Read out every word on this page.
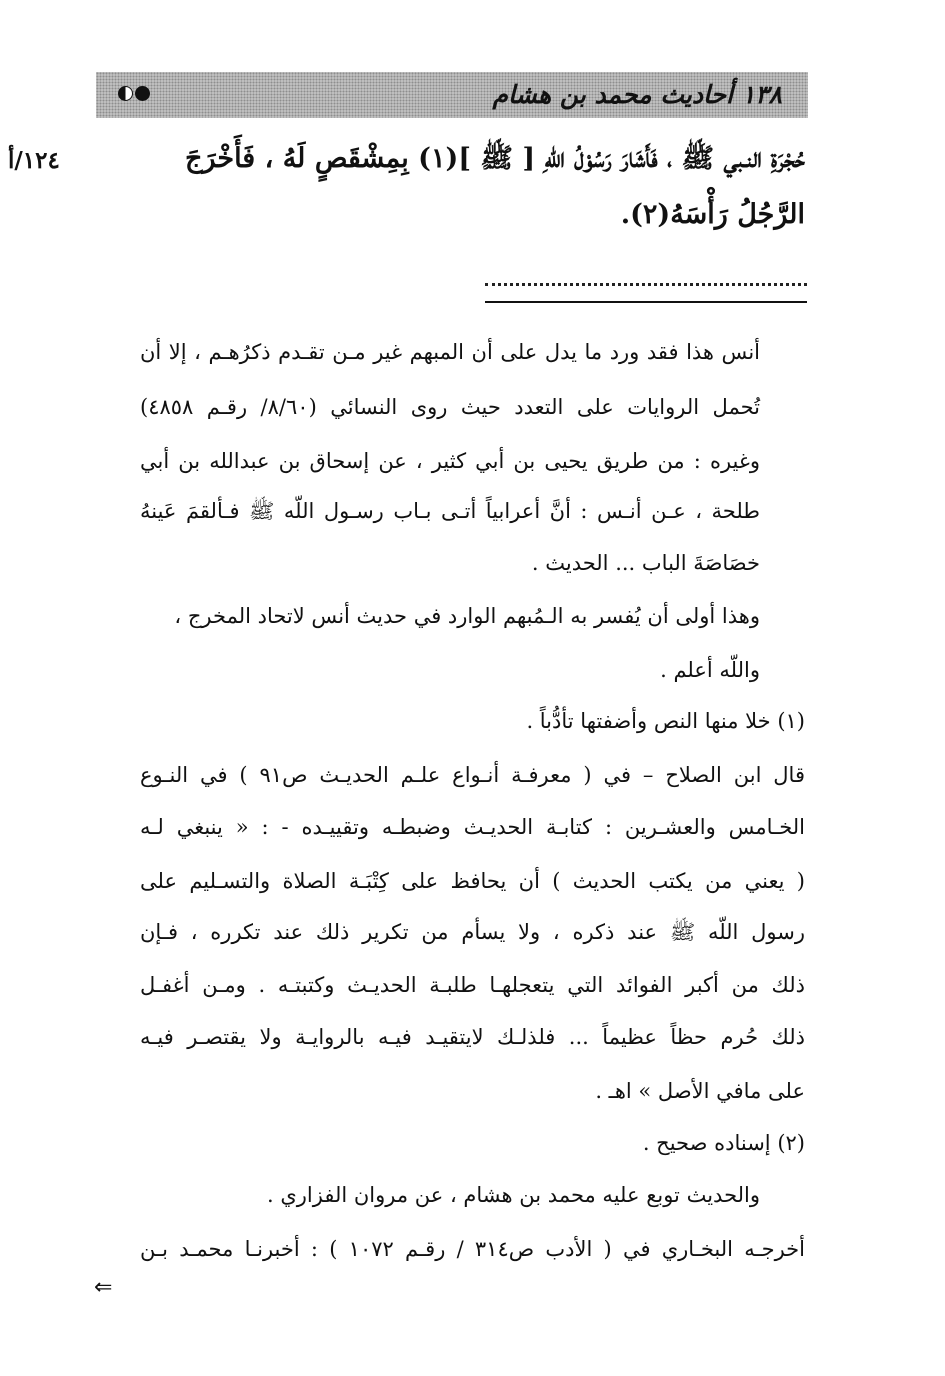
١٣٨ أحاديث محمد بن هشام
١٢٤/أ	حُجْرَةِ النـبي ﷺ ، فَأَشَارَ رَسُوْلُ اللّهِ [ ﷺ ](١) بِمِشْقَصٍ لَهُ ، فَأَخْرَجَ
الرَّجُلُ رَأْسَهُ(٢).
أنس هذا فقد ورد ما يدل على أن المبهم غير مـن تقـدم ذكرُهـم ، إلا أن
تُحمل الروايات على التعدد حيث روى النسائي (٨/٦٠/ رقـم ٤٨٥٨)
وغيره : من طريق يحيى بن أبي كثير ، عن إسحاق بن عبدالله بن أبي
طلحة ، عـن أنـس : أنَّ أعرابياً أتـى بـاب رسـول اللّه ﷺ فـألقمَ عَينهُ
خصَاصَةَ الباب ... الحديث .
وهذا أولى أن يُفسر به الـمُبهم الوارد في حديث أنس لاتحاد المخرج ،
واللّه أعلم .
(١) خلا منها النص وأضفتها تأدُّباً .
قال ابن الصلاح – في ( معرفـة أنـواع علـم الحديـث ص٩١ ) في النـوع
الخـامس والعشـرين : كتابـة الحديـث وضبطـه وتقييـده - : « ينبغي لـه
( يعني من يكتب الحديث ) أن يحافظ على كِتْبَـة الصلاة والتسـليم على
رسول اللّه ﷺ عند ذكره ، ولا يسأم من تكرير ذلك عند تكرره ، فـإن
ذلك من أكبر الفوائد التي يتعجلهـا طلبـة الحديـث وكتبتـه . ومـن أغفـل
ذلك حُرم حظاً عظيماً ... فلذلـك لايتقيـد فيـه بالروايـة ولا يقتصـر فيـه
على مافي الأصل » اهـ .
(٢) إسناده صحيح .
والحديث توبع عليه محمد بن هشام ، عن مروان الفزاري .
أخرجـه البخـاري في ( الأدب ص٣١٤ / رقـم ١٠٧٢ ) : أخبرنـا محمـد بـن
⇐
